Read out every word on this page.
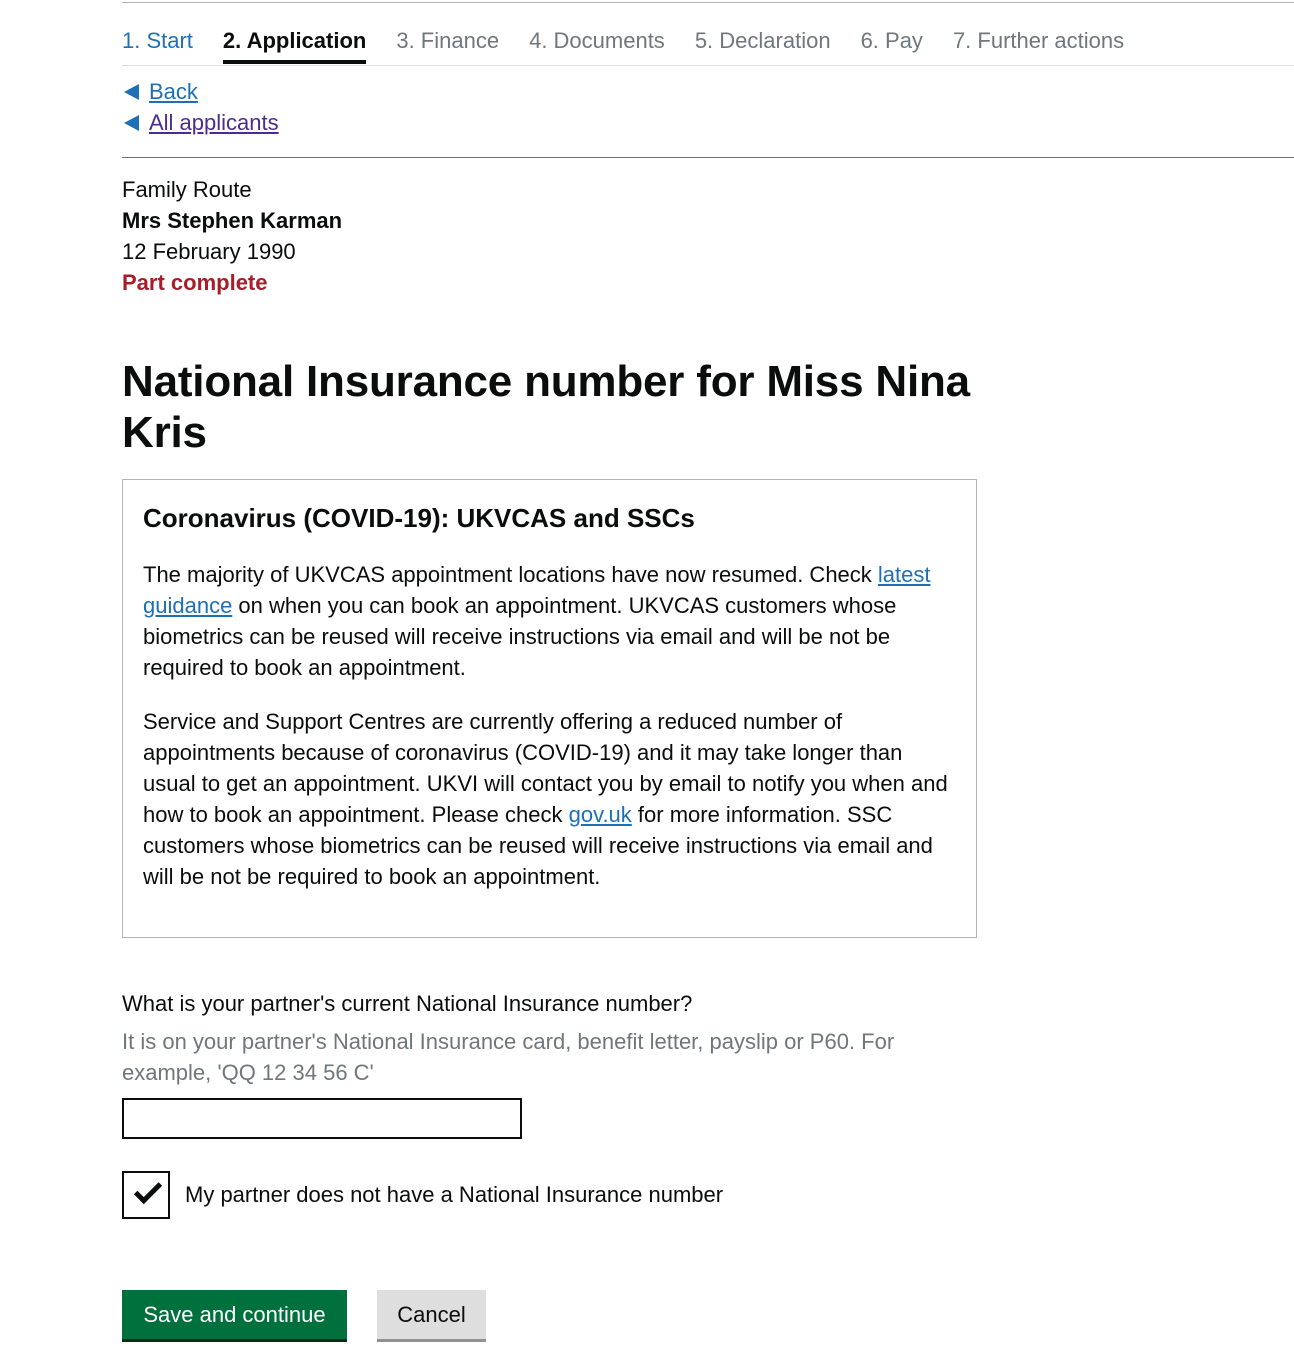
1. Start 2. Application 3. Finance 4. Documents 5. Declaration 6. Pay 7. Further actions
Back
All applicants
Family Route
Mrs Stephen Karman
12 February 1990
Part complete
National Insurance number for Miss Nina Kris
Coronavirus (COVID-19): UKVCAS and SSCs

The majority of UKVCAS appointment locations have now resumed. Check latest guidance on when you can book an appointment. UKVCAS customers whose biometrics can be reused will receive instructions via email and will be not be required to book an appointment.

Service and Support Centres are currently offering a reduced number of appointments because of coronavirus (COVID-19) and it may take longer than usual to get an appointment. UKVI will contact you by email to notify you when and how to book an appointment. Please check gov.uk for more information. SSC customers whose biometrics can be reused will receive instructions via email and will be not be required to book an appointment.

What is your partner's current National Insurance number?
It is on your partner's National Insurance card, benefit letter, payslip or P60. For example, 'QQ 12 34 56 C'
My partner does not have a National Insurance number
Save and continue	Cancel
